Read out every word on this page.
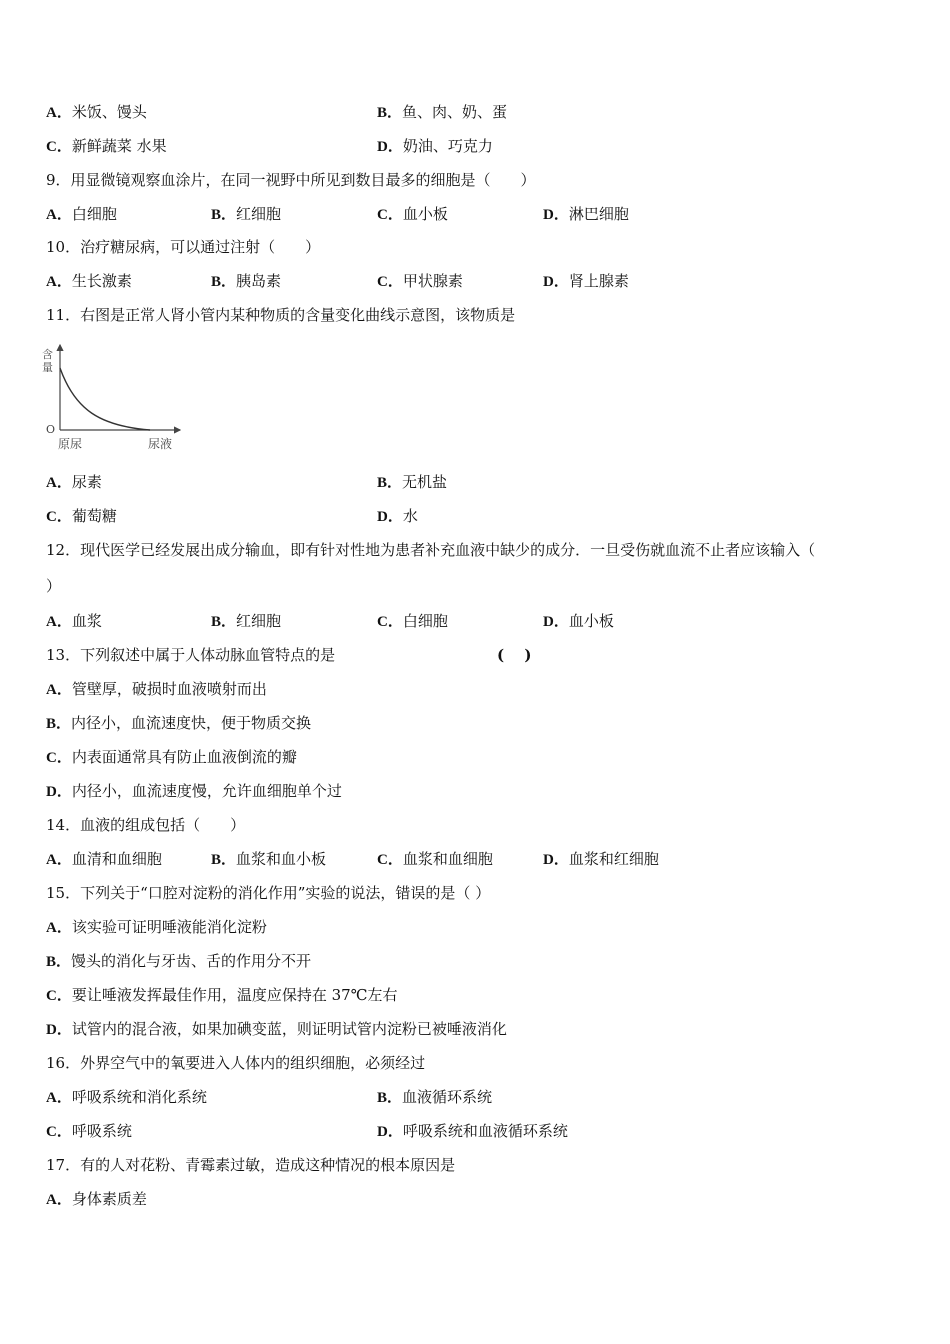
A．米饭、馒头	B．鱼、肉、奶、蛋
C．新鲜蔬菜 水果	D．奶油、巧克力
9．用显微镜观察血涂片，在同一视野中所见到数目最多的细胞是（　　）
A．白细胞	B．红细胞	C．血小板	D．淋巴细胞
10．治疗糖尿病，可以通过注射（　　）
A．生长激素	B．胰岛素	C．甲状腺素	D．肾上腺素
11．右图是正常人肾小管内某种物质的含量变化曲线示意图，该物质是
含
量
O
原尿	尿液
A．尿素	B．无机盐
C．葡萄糖	D．水
12．现代医学已经发展出成分输血，即有针对性地为患者补充血液中缺少的成分．一旦受伤就血流不止者应该输入（
）
A．血浆	B．红细胞	C．白细胞	D．血小板
13．下列叙述中属于人体动脉血管特点的是	(　 )
A．管壁厚，破损时血液喷射而出
B．内径小，血流速度快，便于物质交换
C．内表面通常具有防止血液倒流的瓣
D．内径小，血流速度慢，允许血细胞单个过
14．血液的组成包括（　　）
A．血清和血细胞	B．血浆和血小板	C．血浆和血细胞	D．血浆和红细胞
15．下列关于“口腔对淀粉的消化作用”实验的说法，错误的是（ ）
A．该实验可证明唾液能消化淀粉
B．馒头的消化与牙齿、舌的作用分不开
C．要让唾液发挥最佳作用，温度应保持在 37℃左右
D．试管内的混合液，如果加碘变蓝，则证明试管内淀粉已被唾液消化
16．外界空气中的氧要进入人体内的组织细胞，必须经过
A．呼吸系统和消化系统	B．血液循环系统
C．呼吸系统	D．呼吸系统和血液循环系统
17．有的人对花粉、青霉素过敏，造成这种情况的根本原因是
A．身体素质差
